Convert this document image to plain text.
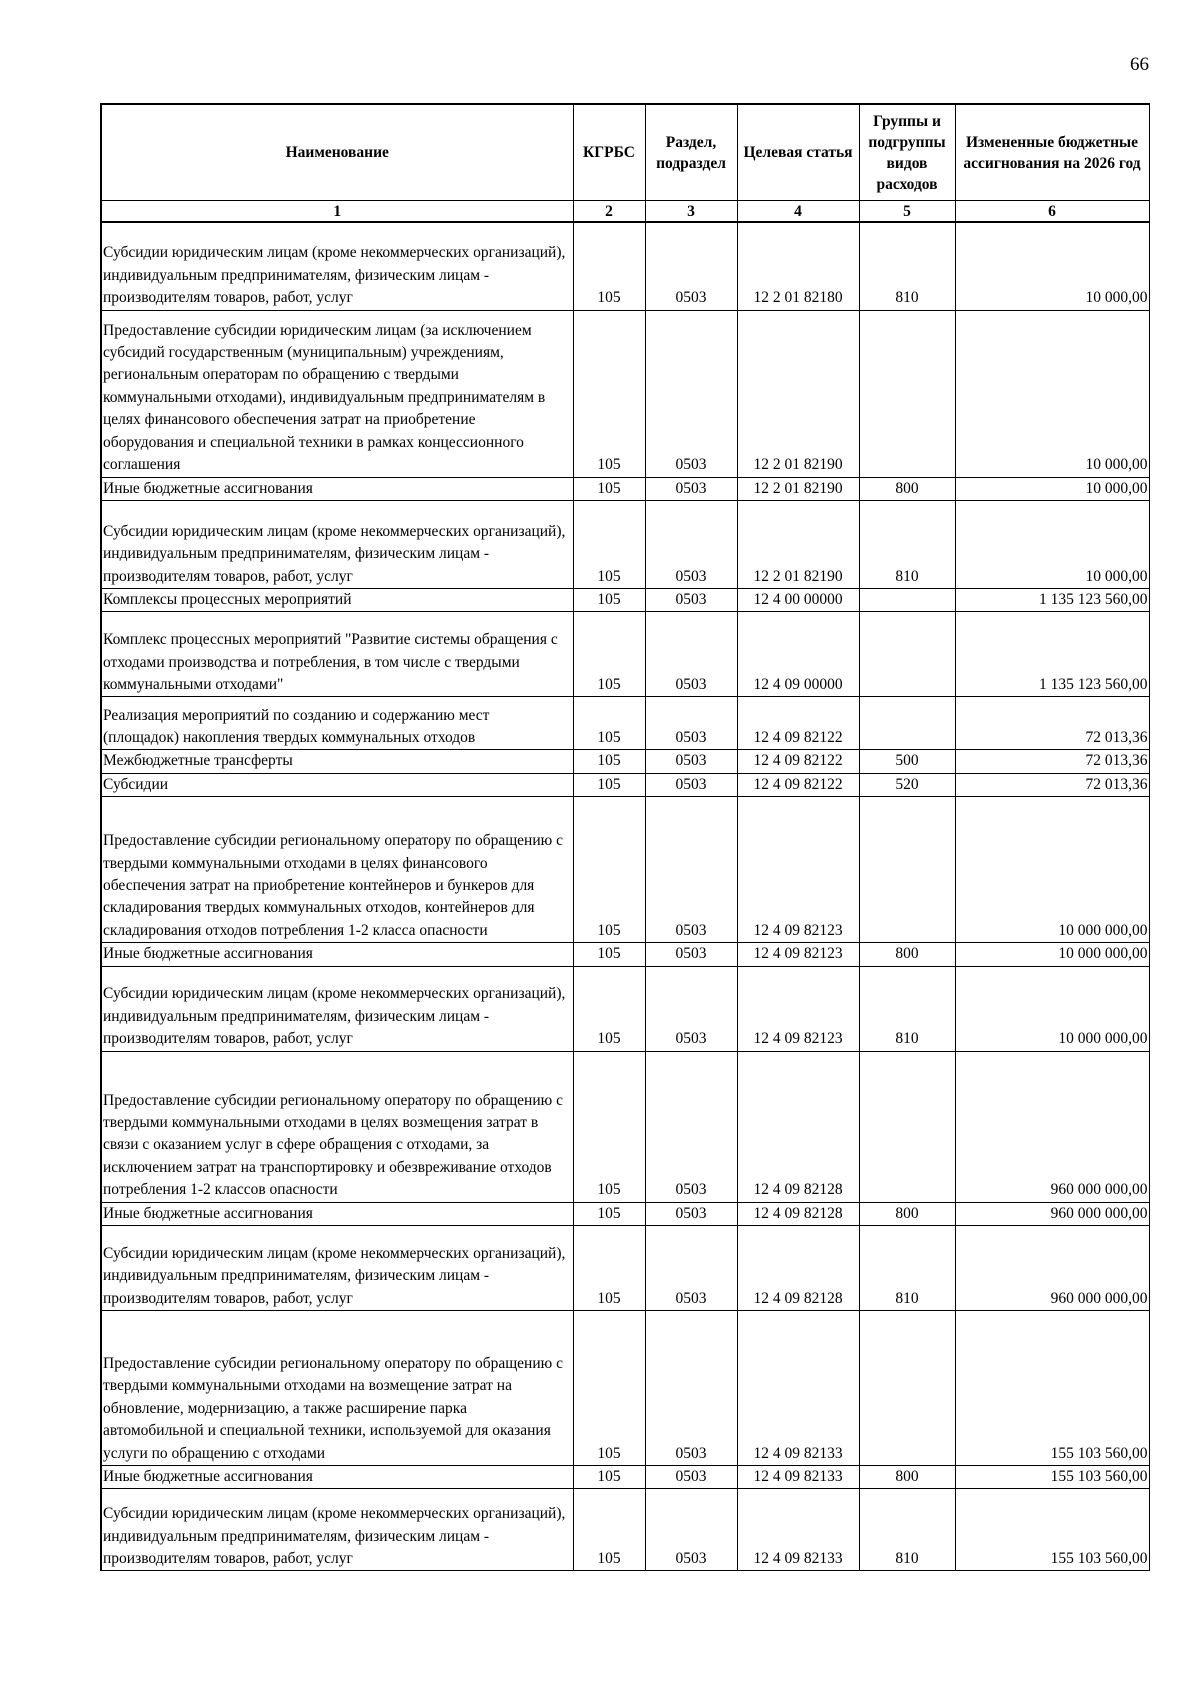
66
Наименование	КГРБС	Раздел, подраздел	Целевая статья	Группы и подгруппы видов расходов	Измененные бюджетные ассигнования на 2026 год
1	2	3	4	5	6
Субсидии юридическим лицам (кроме некоммерческих организаций), индивидуальным предпринимателям, физическим лицам - производителям товаров, работ, услуг	105	0503	12 2 01 82180	810	10 000,00
Предоставление субсидии юридическим лицам (за исключением субсидий государственным (муниципальным) учреждениям, региональным операторам по обращению с твердыми коммунальными отходами), индивидуальным предпринимателям в целях финансового обеспечения затрат на приобретение оборудования и специальной техники в рамках концессионного соглашения	105	0503	12 2 01 82190		10 000,00
Иные бюджетные ассигнования	105	0503	12 2 01 82190	800	10 000,00
Субсидии юридическим лицам (кроме некоммерческих организаций), индивидуальным предпринимателям, физическим лицам - производителям товаров, работ, услуг	105	0503	12 2 01 82190	810	10 000,00
Комплексы процессных мероприятий	105	0503	12 4 00 00000		1 135 123 560,00
Комплекс процессных мероприятий "Развитие системы обращения с отходами производства и потребления, в том числе с твердыми коммунальными отходами"	105	0503	12 4 09 00000		1 135 123 560,00
Реализация мероприятий по созданию и содержанию мест (площадок) накопления твердых коммунальных отходов	105	0503	12 4 09 82122		72 013,36
Межбюджетные трансферты	105	0503	12 4 09 82122	500	72 013,36
Субсидии	105	0503	12 4 09 82122	520	72 013,36
Предоставление субсидии региональному оператору по обращению с твердыми коммунальными отходами в целях финансового обеспечения затрат на приобретение контейнеров и бункеров для складирования твердых коммунальных отходов, контейнеров для складирования отходов потребления 1-2 класса опасности	105	0503	12 4 09 82123		10 000 000,00
Иные бюджетные ассигнования	105	0503	12 4 09 82123	800	10 000 000,00
Субсидии юридическим лицам (кроме некоммерческих организаций), индивидуальным предпринимателям, физическим лицам - производителям товаров, работ, услуг	105	0503	12 4 09 82123	810	10 000 000,00
Предоставление субсидии региональному оператору по обращению с твердыми коммунальными отходами в целях возмещения затрат в связи с оказанием услуг в сфере обращения с отходами, за исключением затрат на транспортировку и обезвреживание отходов потребления 1-2 классов опасности	105	0503	12 4 09 82128		960 000 000,00
Иные бюджетные ассигнования	105	0503	12 4 09 82128	800	960 000 000,00
Субсидии юридическим лицам (кроме некоммерческих организаций), индивидуальным предпринимателям, физическим лицам - производителям товаров, работ, услуг	105	0503	12 4 09 82128	810	960 000 000,00
Предоставление субсидии региональному оператору по обращению с твердыми коммунальными отходами на возмещение затрат на обновление, модернизацию, а также расширение парка автомобильной и специальной техники, используемой для оказания услуги по обращению с отходами	105	0503	12 4 09 82133		155 103 560,00
Иные бюджетные ассигнования	105	0503	12 4 09 82133	800	155 103 560,00
Субсидии юридическим лицам (кроме некоммерческих организаций), индивидуальным предпринимателям, физическим лицам - производителям товаров, работ, услуг	105	0503	12 4 09 82133	810	155 103 560,00
